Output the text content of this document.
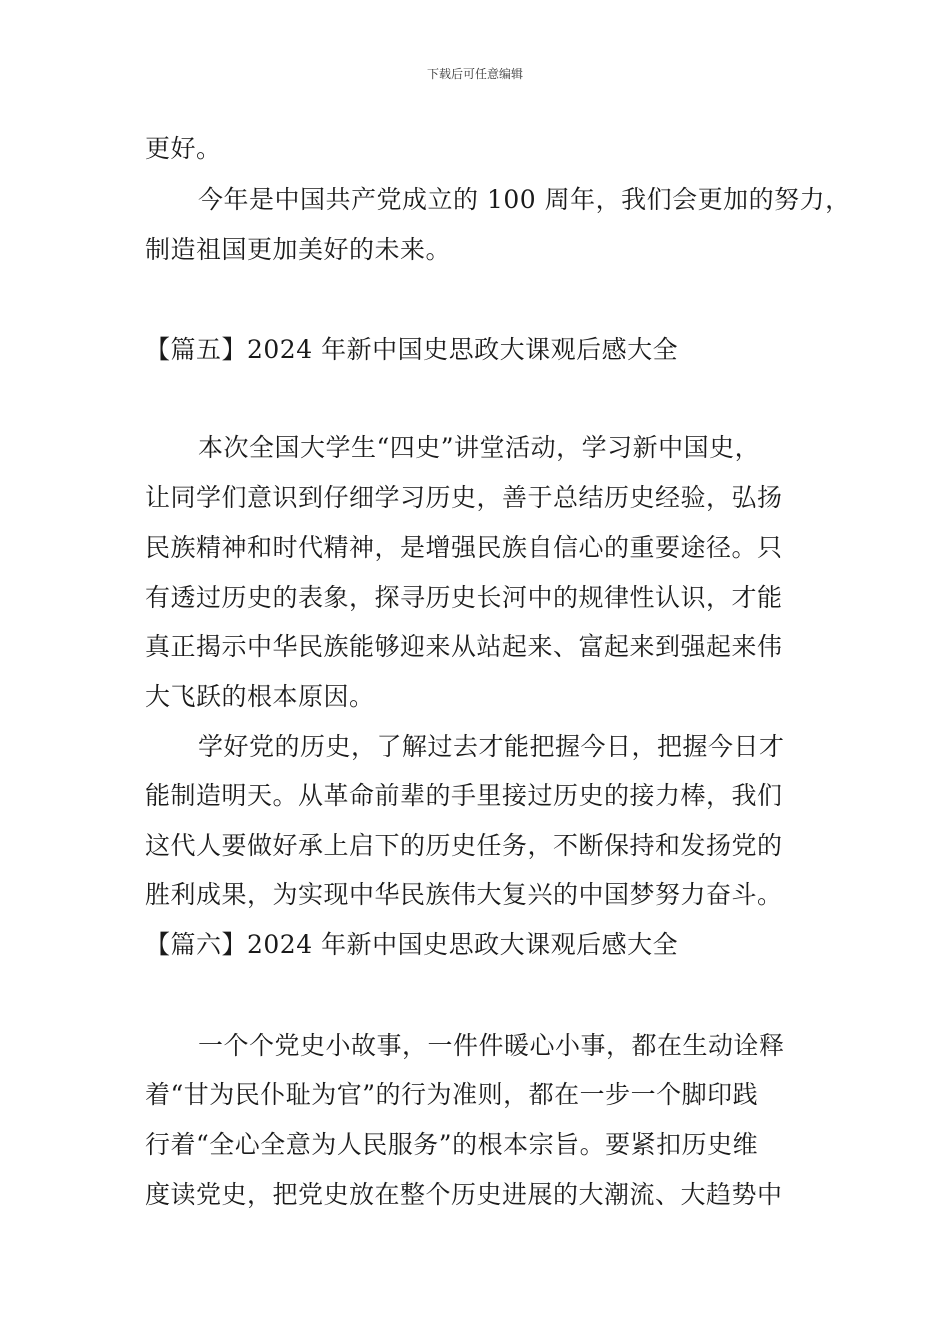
下载后可任意编辑
更好。
今年是中国共产党成立的 100 周年，我们会更加的努力，
制造祖国更加美好的未来。
【篇五】2024 年新中国史思政大课观后感大全
本次全国大学生“四史”讲堂活动，学习新中国史，
让同学们意识到仔细学习历史，善于总结历史经验，弘扬
民族精神和时代精神，是增强民族自信心的重要途径。只
有透过历史的表象，探寻历史长河中的规律性认识，才能
真正揭示中华民族能够迎来从站起来、富起来到强起来伟
大飞跃的根本原因。
学好党的历史，了解过去才能把握今日，把握今日才
能制造明天。从革命前辈的手里接过历史的接力棒，我们
这代人要做好承上启下的历史任务，不断保持和发扬党的
胜利成果，为实现中华民族伟大复兴的中国梦努力奋斗。
【篇六】2024 年新中国史思政大课观后感大全
一个个党史小故事，一件件暖心小事，都在生动诠释
着“甘为民仆耻为官”的行为准则，都在一步一个脚印践
行着“全心全意为人民服务”的根本宗旨。要紧扣历史维
度读党史，把党史放在整个历史进展的大潮流、大趋势中
